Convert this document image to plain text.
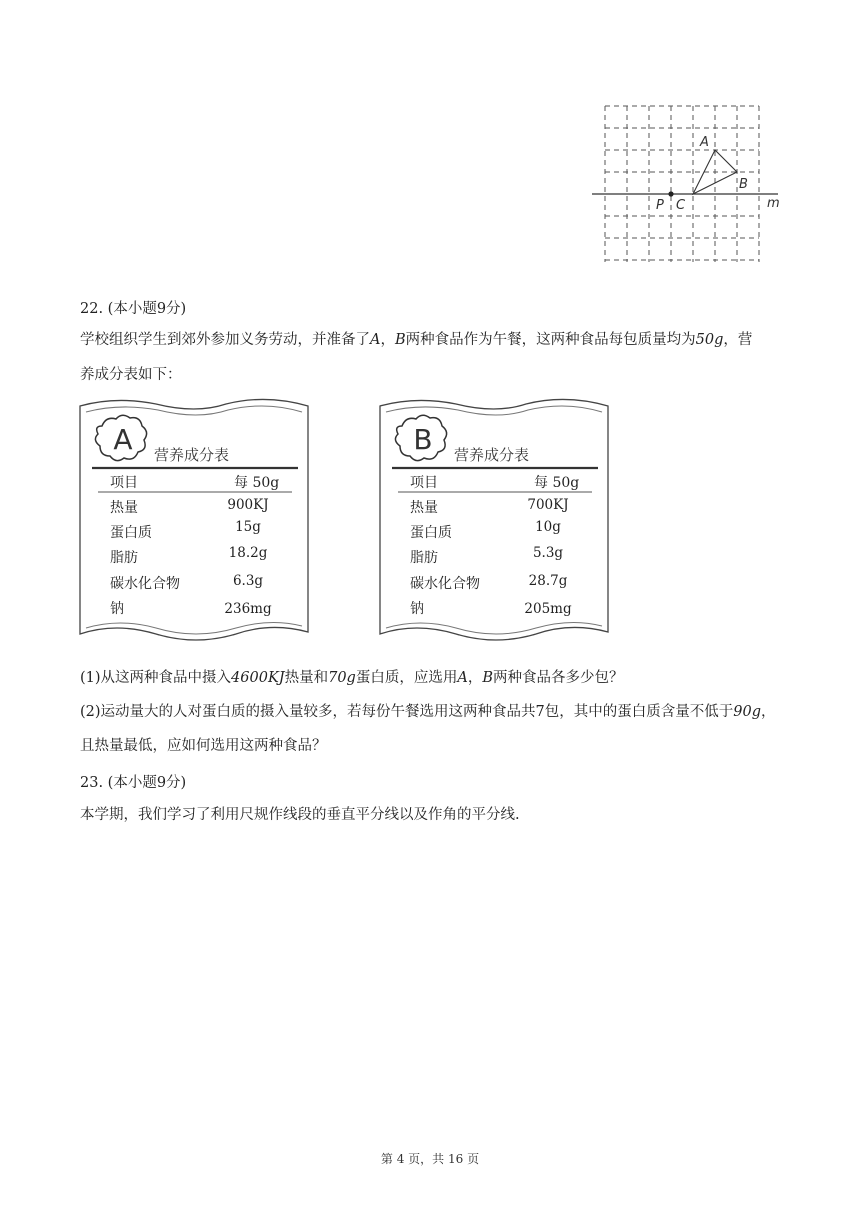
A
B
P C	m
22. (本小题9分)
学校组织学生到郊外参加义务劳动，并准备了A，B两种食品作为午餐，这两种食品每包质量均为50g，营
养成分表如下：
A	营养成分表
项目	每 50g
热量	900KJ
蛋白质	15g
脂肪	18.2g
碳水化合物	6.3g
钠	236mg
B	营养成分表
项目	每 50g
热量	700KJ
蛋白质	10g
脂肪	5.3g
碳水化合物	28.7g
钠	205mg
(1)从这两种食品中摄入4600KJ热量和70g蛋白质，应选用A，B两种食品各多少包？
(2)运动量大的人对蛋白质的摄入量较多，若每份午餐选用这两种食品共7包，其中的蛋白质含量不低于90g，
且热量最低，应如何选用这两种食品？
23. (本小题9分)
本学期，我们学习了利用尺规作线段的垂直平分线以及作角的平分线.
第 4 页，共 16 页
